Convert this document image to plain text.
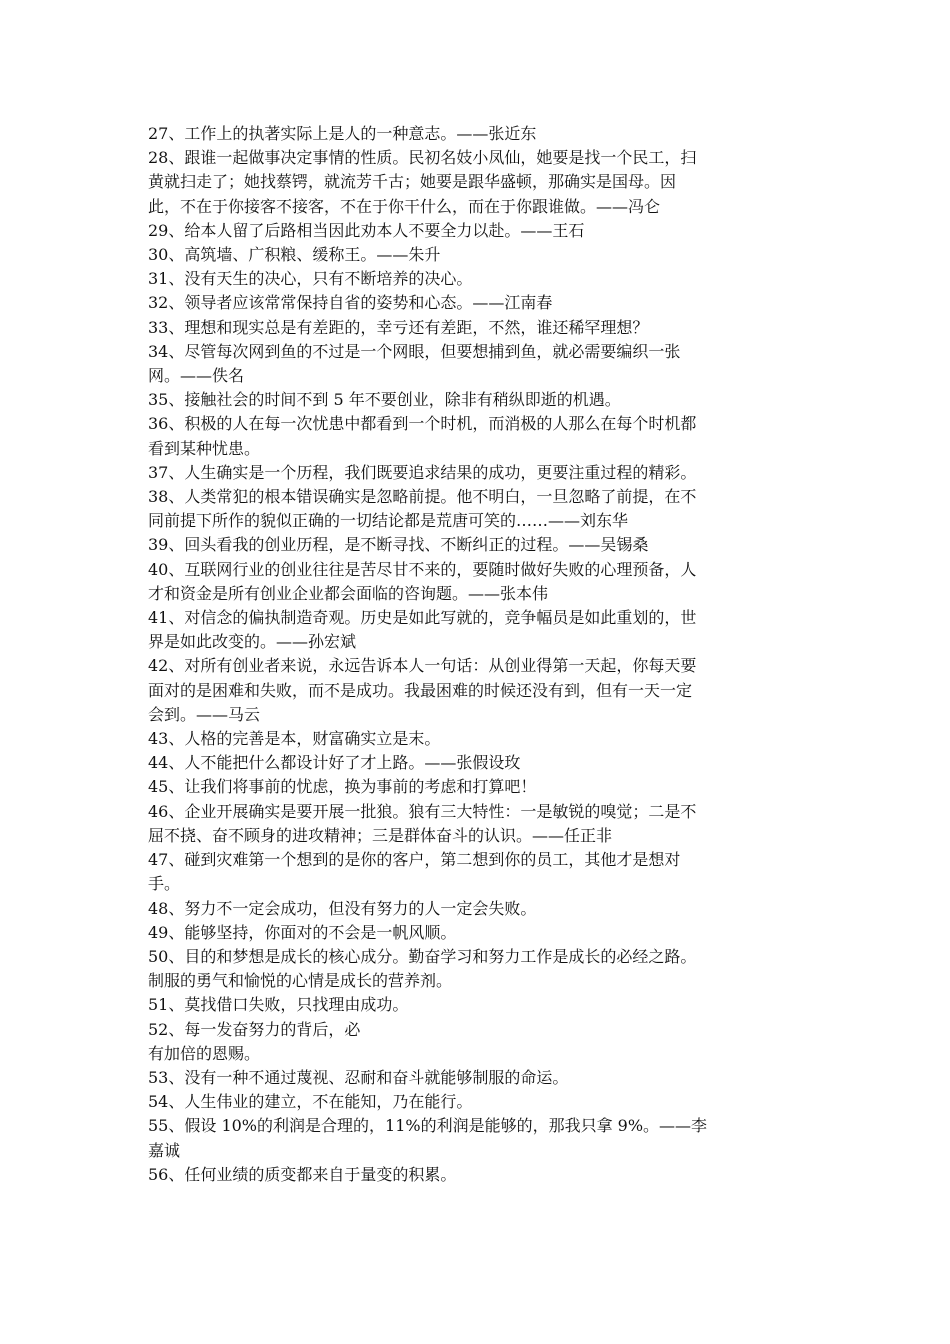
27、工作上的执著实际上是人的一种意志。——张近东
28、跟谁一起做事决定事情的性质。民初名妓小凤仙，她要是找一个民工，扫
黄就扫走了；她找蔡锷，就流芳千古；她要是跟华盛顿，那确实是国母。因
此，不在于你接客不接客，不在于你干什么，而在于你跟谁做。——冯仑
29、给本人留了后路相当因此劝本人不要全力以赴。——王石
30、高筑墙、广积粮、缓称王。——朱升
31、没有天生的决心，只有不断培养的决心。
32、领导者应该常常保持自省的姿势和心态。——江南春
33、理想和现实总是有差距的，幸亏还有差距，不然，谁还稀罕理想？
34、尽管每次网到鱼的不过是一个网眼，但要想捕到鱼，就必需要编织一张
网。——佚名
35、接触社会的时间不到 5 年不要创业，除非有稍纵即逝的机遇。
36、积极的人在每一次忧患中都看到一个时机，而消极的人那么在每个时机都
看到某种忧患。
37、人生确实是一个历程，我们既要追求结果的成功，更要注重过程的精彩。
38、人类常犯的根本错误确实是忽略前提。他不明白，一旦忽略了前提，在不
同前提下所作的貌似正确的一切结论都是荒唐可笑的……——刘东华
39、回头看我的创业历程，是不断寻找、不断纠正的过程。——吴锡桑
40、互联网行业的创业往往是苦尽甘不来的，要随时做好失败的心理预备，人
才和资金是所有创业企业都会面临的咨询题。——张本伟
41、对信念的偏执制造奇观。历史是如此写就的，竞争幅员是如此重划的，世
界是如此改变的。——孙宏斌
42、对所有创业者来说，永远告诉本人一句话：从创业得第一天起，你每天要
面对的是困难和失败，而不是成功。我最困难的时候还没有到，但有一天一定
会到。——马云
43、人格的完善是本，财富确实立是末。
44、人不能把什么都设计好了才上路。——张假设玫
45、让我们将事前的忧虑，换为事前的考虑和打算吧！
46、企业开展确实是要开展一批狼。狼有三大特性：一是敏锐的嗅觉；二是不
屈不挠、奋不顾身的进攻精神；三是群体奋斗的认识。——任正非
47、碰到灾难第一个想到的是你的客户，第二想到你的员工，其他才是想对
手。
48、努力不一定会成功，但没有努力的人一定会失败。
49、能够坚持，你面对的不会是一帆风顺。
50、目的和梦想是成长的核心成分。勤奋学习和努力工作是成长的必经之路。
制服的勇气和愉悦的心情是成长的营养剂。
51、莫找借口失败，只找理由成功。
52、每一发奋努力的背后，必
有加倍的恩赐。
53、没有一种不通过蔑视、忍耐和奋斗就能够制服的命运。
54、人生伟业的建立，不在能知，乃在能行。
55、假设 10%的利润是合理的，11%的利润是能够的，那我只拿 9%。——李
嘉诚
56、任何业绩的质变都来自于量变的积累。
